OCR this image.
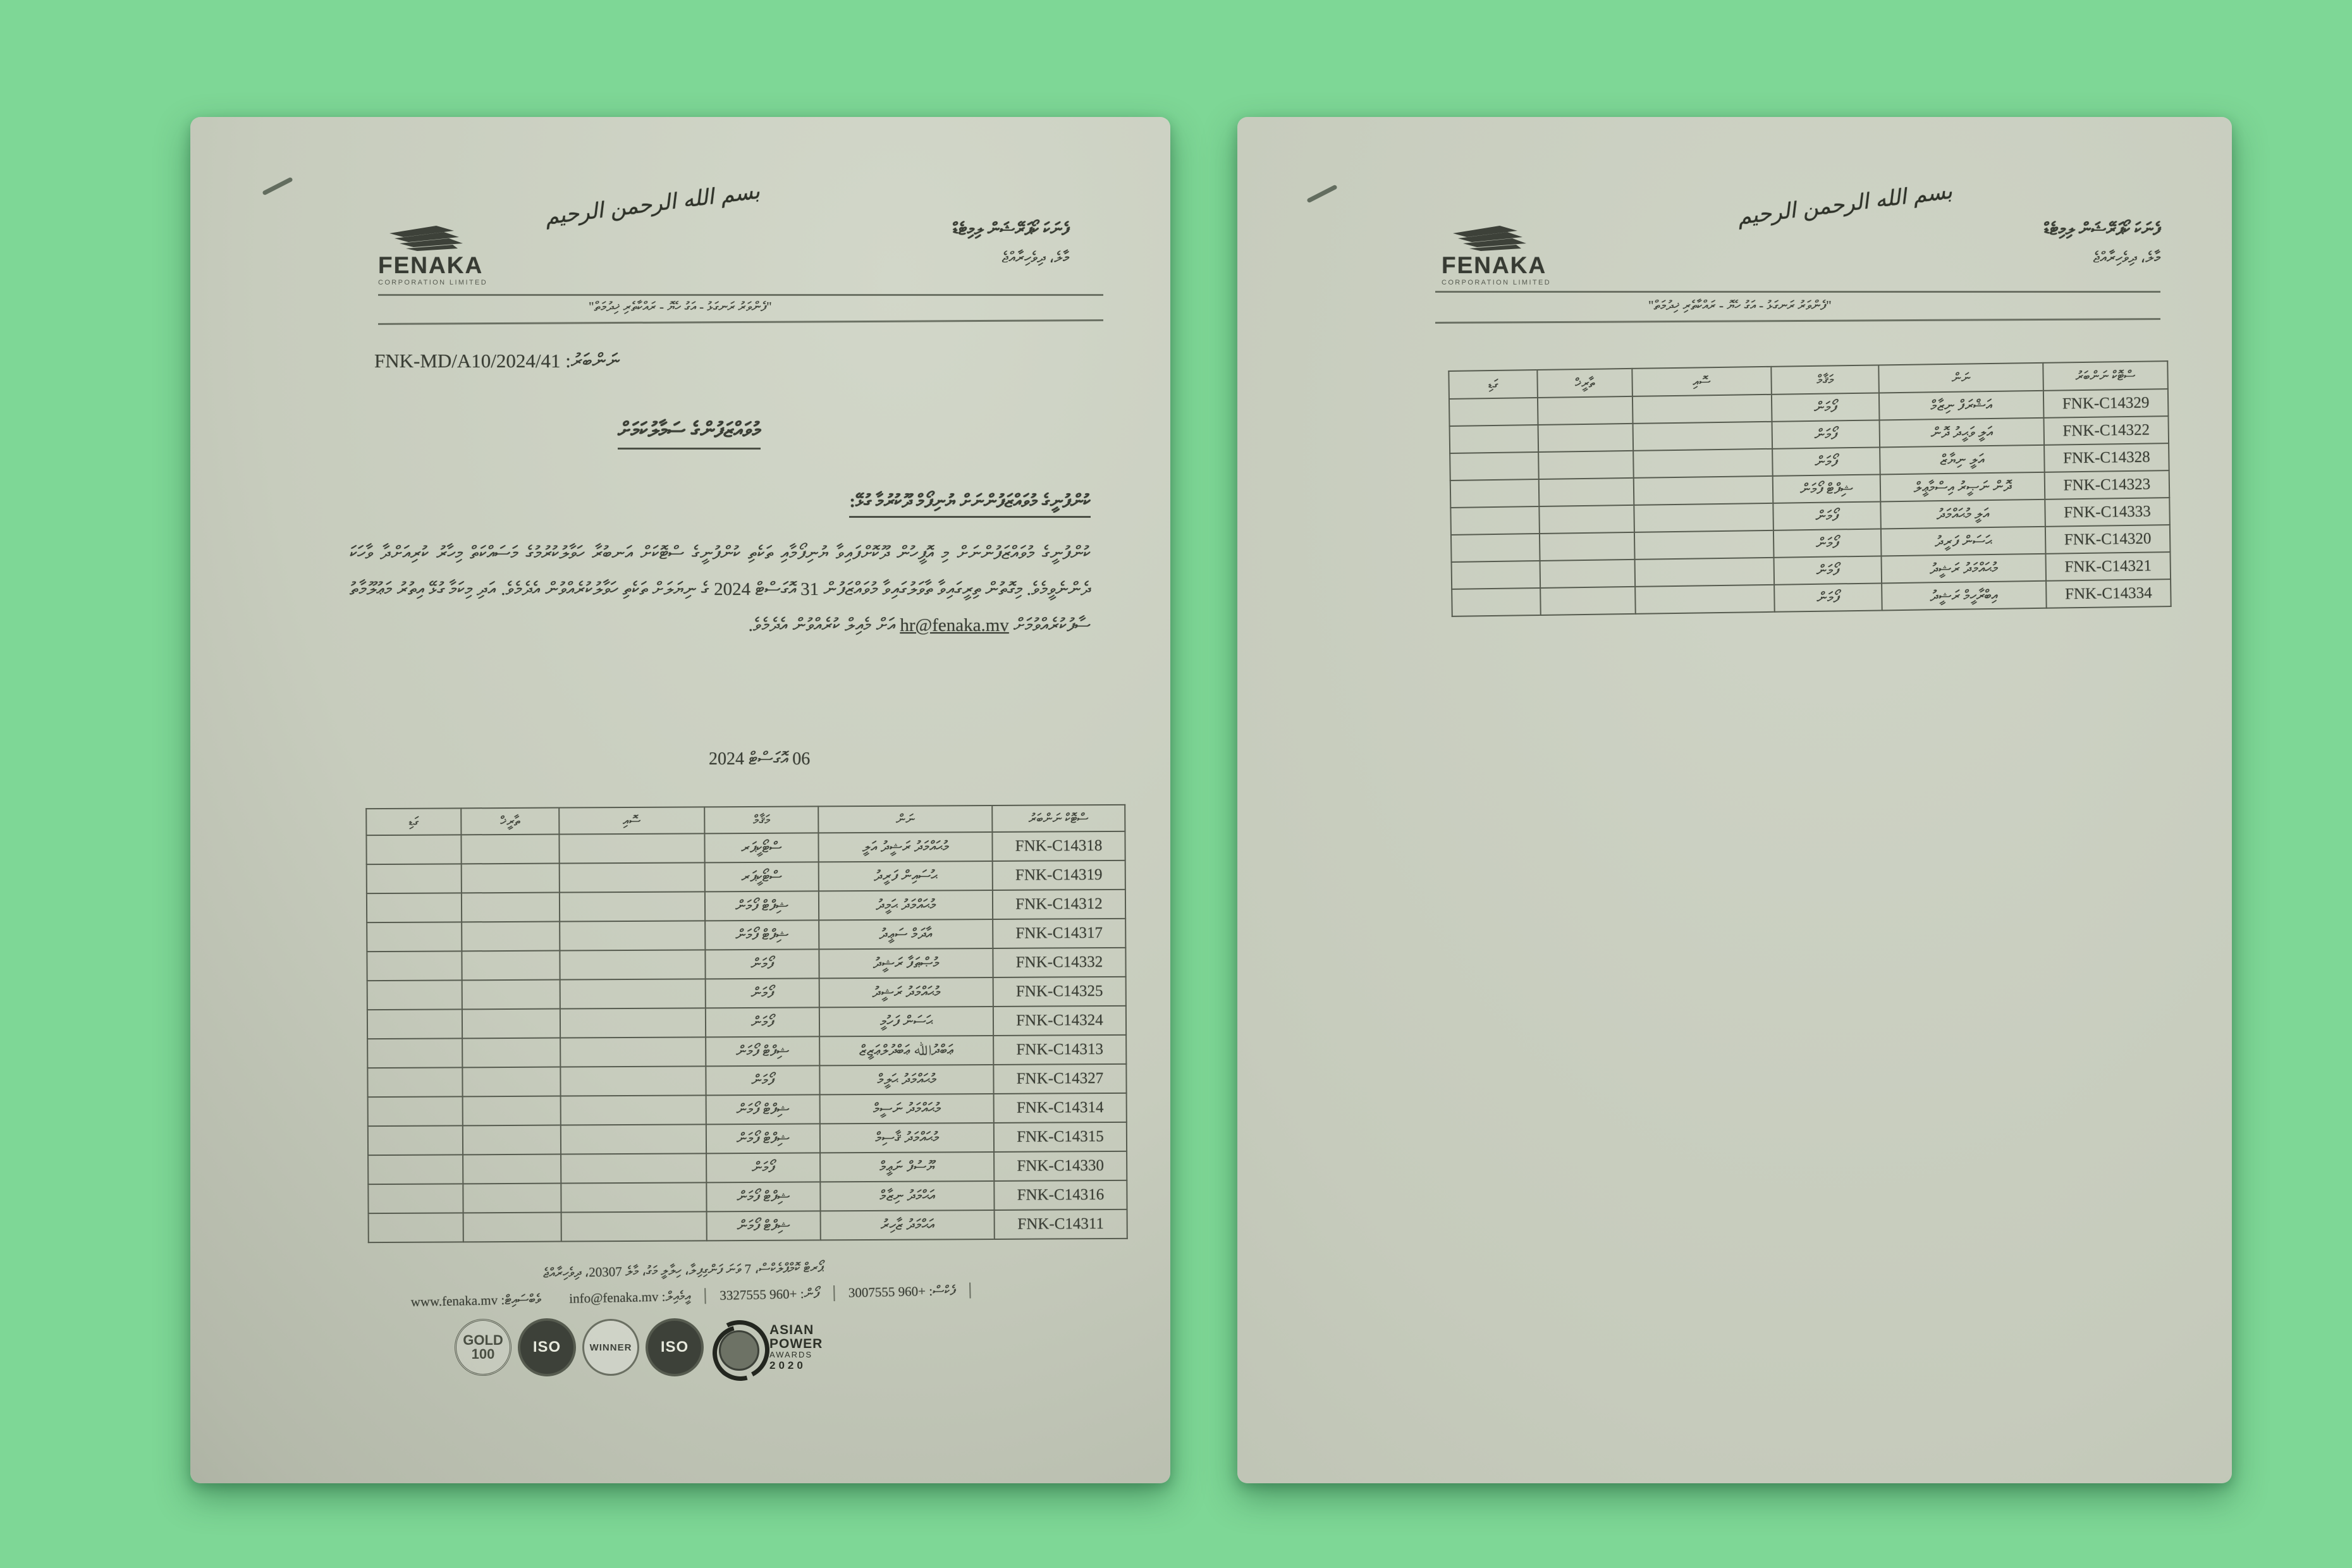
FENAKA
CORPORATION LIMITED
بسم الله الرحمن الرحيم	ފެނަކަ ކޯޕަރޭޝަން ލިމިޓެޑް
މާލެ، ދިވެހިރާއްޖެ
"ފެންވަރު ރަނގަޅު - އަގު ހެޔޮ - ރައްކާތެރި ޚިދުމަތް"
ނަންބަރު: FNK-MD/A10/2024/41
މުވައްޒަފުންގެ ސަމާލުކަމަށް
ކުންފުނީގެ މުވައްޒަފުންނަށް ޔުނިފޯމް ދޫކުރުމާ ގުޅޭ:
ކުންފުނީގެ މުވައްޒަފުންނަށް މި އޮފީހުން ދޫކޮށްފައިވާ ޔުނިފޯމާއި ތަކެތި ކުންފުނީގެ ސްޓޮކަށް އަނބުރާ ހަވާލުކުރުމުގެ މަސައްކަތް މިހާރު ކުރިއަށްދާ ވާހަކަ ދެންނެވީމެވެ. މިގޮތުން ތިރީގައިވާ ތާވަލުގައިވާ މުވައްޒަފުން 31 އޮގަސްޓް 2024 ގެ ނިޔަލަށް ތަކެތި ހަވާލުކުރެއްވުން އެދެމެވެ. އަދި މިކަމާ ގުޅޭ އިތުރު މަޢުލޫމާތު ސާފުކުރެއްވުމަށް hr@fenaka.mv އަށް މެއިލް ކުރެއްވުން އެދެމެވެ.
06 އޮގަސްޓް 2024
ސްޓޮކް ނަންބަރު	ނަން	މަޤާމް	ސޮއި	ތާރީޚް	ގަޑި
FNK-C14318	މުޙައްމަދު ރަޝީދު އަލީ	ސްޓޯކީޕަރ			
FNK-C14319	ޙުސައިން ފަރީދު	ސްޓޯކީޕަރ			
FNK-C14312	މުޙައްމަދު ޙަމީދު	ޝިފްޓް ފޯމަން			
FNK-C14317	އާދަމް ސަޢީދު	ޝިފްޓް ފޯމަން			
FNK-C14332	މުޞްޠަފާ ރަޝީދު	ފޯމަން			
FNK-C14325	މުޙައްމަދު ރަޝީދު	ފޯމަން			
FNK-C14324	ޙަސަން ފަހުމީ	ފޯމަން			
FNK-C14313	ޢަބްދުﷲ ޢަބްދުލްޢަޒީޒް	ޝިފްޓް ފޯމަން			
FNK-C14327	މުޙައްމަދު ޙަލީމް	ފޯމަން			
FNK-C14314	މުޙައްމަދު ނަސީމް	ޝިފްޓް ފޯމަން			
FNK-C14315	މުޙައްމަދު ޤާސިމް	ޝިފްޓް ފޯމަން			
FNK-C14330	ޔޫސުފް ނަޢީމް	ފޯމަން			
FNK-C14316	އަޙްމަދު ނިޒާމް	ޝިފްޓް ފޯމަން			
FNK-C14311	އަޙްމަދު ޒާހިރު	ޝިފްޓް ފޯމަން			
ޕޯރޓް ކޮމްޕްލެކްސް، 7 ވަނަ ފަންގިފިލާ، ހިލާލީ މަގު، މާލެ 20307، ދިވެހިރާއްޖެ
ވެބްސައިޓް: www.fenaka.mv	އީމެއިލް: info@fenaka.mv	ފޯން: +960 3327555	ފެކްސް: +960 3007555
GOLD
100	ISO	WINNER ISO
ASIAN
POWER
AWARDS
2020
FENAKA
CORPORATION LIMITED
بسم الله الرحمن الرحيم	ފެނަކަ ކޯޕަރޭޝަން ލިމިޓެޑް
މާލެ، ދިވެހިރާއްޖެ
"ފެންވަރު ރަނގަޅު - އަގު ހެޔޮ - ރައްކާތެރި ޚިދުމަތް"
ސްޓޮކް ނަންބަރު	ނަން	މަޤާމް	ސޮއި	ތާރީޚް	ގަޑި
FNK-C14329	އަޝްރަފް ނިޒާމް	ފޯމަން			
FNK-C14322	އަލީ ވަޙީދު ދޮން	ފޯމަން			
FNK-C14328	އަލީ ނިޔާޒް	ފޯމަން			
FNK-C14323	ދޮން ނަޞީރު އިސްމާޢީލް	ޝިފްޓް ފޯމަން			
FNK-C14333	އަލީ މުޙައްމަދު	ފޯމަން			
FNK-C14320	ޙަސަން ފަރީދު	ފޯމަން			
FNK-C14321	މުޙައްމަދު ރަޝީދު	ފޯމަން			
FNK-C14334	އިބްރާހީމް ރަޝީދު	ފޯމަން			
